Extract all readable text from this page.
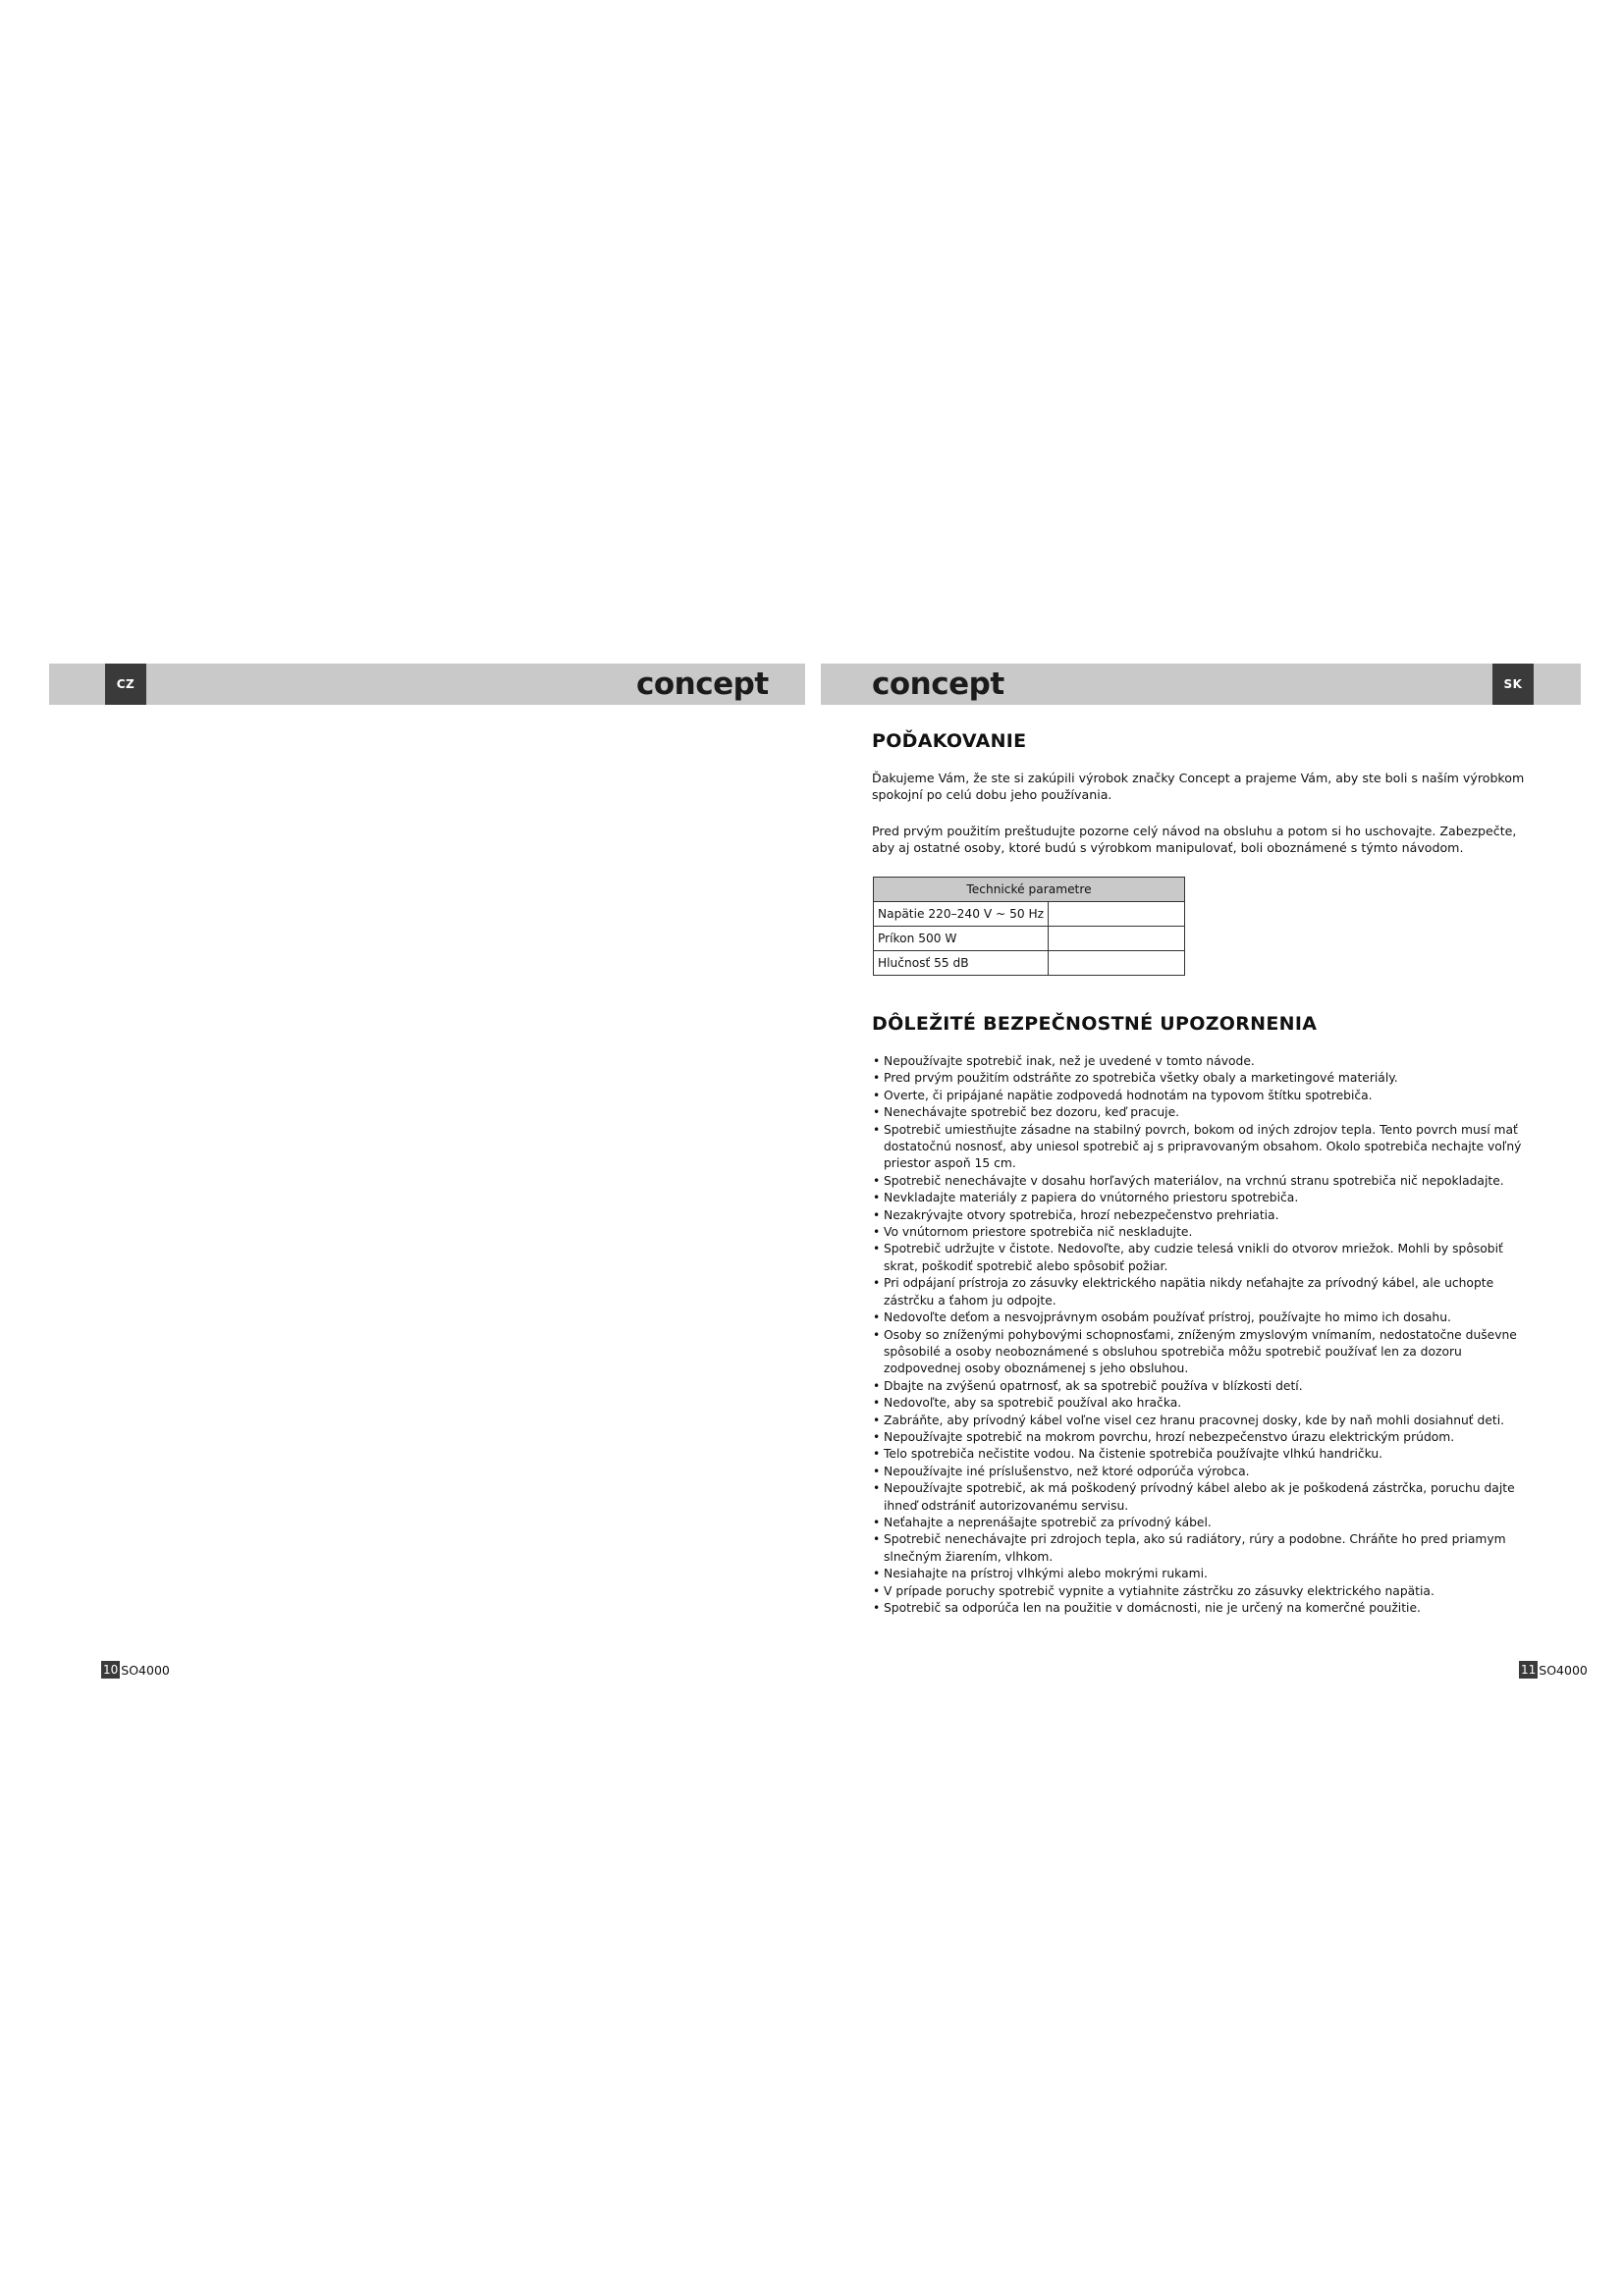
CZ	SK
concept	concept
POĎAKOVANIE

Ďakujeme Vám, že ste si zakúpili výrobok značky Concept a prajeme Vám, aby ste boli s naším výrobkom spokojní po celú dobu jeho používania.

Pred prvým použitím preštudujte pozorne celý návod na obsluhu a potom si ho uschovajte. Zabezpečte, aby aj ostatné osoby, ktoré budú s výrobkom manipulovať, boli oboznámené s týmto návodom.

Technické parametre	
Napätie 220–240 V ~ 50 Hz	
Príkon 500 W	
Hlučnosť 55 dB	
DÔLEŽITÉ BEZPEČNOSTNÉ UPOZORNENIA
• Nepoužívajte spotrebič inak, než je uvedené v tomto návode.
• Pred prvým použitím odstráňte zo spotrebiča všetky obaly a marketingové materiály.
• Overte, či pripájané napätie zodpovedá hodnotám na typovom štítku spotrebiča.
• Nenechávajte spotrebič bez dozoru, keď pracuje.
• Spotrebič umiestňujte zásadne na stabilný povrch, bokom od iných zdrojov tepla. Tento povrch musí mať dostatočnú nosnosť, aby uniesol spotrebič aj s pripravovaným obsahom. Okolo spotrebiča nechajte voľný priestor aspoň 15 cm.
• Spotrebič nenechávajte v dosahu horľavých materiálov, na vrchnú stranu spotrebiča nič nepokladajte.
• Nevkladajte materiály z papiera do vnútorného priestoru spotrebiča.
• Nezakrývajte otvory spotrebiča, hrozí nebezpečenstvo prehriatia.
• Vo vnútornom priestore spotrebiča nič neskladujte.
• Spotrebič udržujte v čistote. Nedovoľte, aby cudzie telesá vnikli do otvorov mriežok. Mohli by spôsobiť skrat, poškodiť spotrebič alebo spôsobiť požiar.
• Pri odpájaní prístroja zo zásuvky elektrického napätia nikdy neťahajte za prívodný kábel, ale uchopte zástrčku a ťahom ju odpojte.
• Nedovoľte deťom a nesvojprávnym osobám používať prístroj, používajte ho mimo ich dosahu.
• Osoby so zníženými pohybovými schopnosťami, zníženým zmyslovým vnímaním, nedostatočne duševne spôsobilé a osoby neoboznámené s obsluhou spotrebiča môžu spotrebič používať len za dozoru zodpovednej osoby oboznámenej s jeho obsluhou.
• Dbajte na zvýšenú opatrnosť, ak sa spotrebič používa v blízkosti detí.
• Nedovoľte, aby sa spotrebič používal ako hračka.
• Zabráňte, aby prívodný kábel voľne visel cez hranu pracovnej dosky, kde by naň mohli dosiahnuť deti.
• Nepoužívajte spotrebič na mokrom povrchu, hrozí nebezpečenstvo úrazu elektrickým prúdom.
• Telo spotrebiča nečistite vodou. Na čistenie spotrebiča používajte vlhkú handričku.
• Nepoužívajte iné príslušenstvo, než ktoré odporúča výrobca.
• Nepoužívajte spotrebič, ak má poškodený prívodný kábel alebo ak je poškodená zástrčka, poruchu dajte ihneď odstrániť autorizovanému servisu.
• Neťahajte a neprenášajte spotrebič za prívodný kábel.
• Spotrebič nenechávajte pri zdrojoch tepla, ako sú radiátory, rúry a podobne. Chráňte ho pred priamym slnečným žiarením, vlhkom.
• Nesiahajte na prístroj vlhkými alebo mokrými rukami.
• V prípade poruchy spotrebič vypnite a vytiahnite zástrčku zo zásuvky elektrického napätia.
• Spotrebič sa odporúča len na použitie v domácnosti, nie je určený na komerčné použitie.
10 SO4000	11 SO4000
